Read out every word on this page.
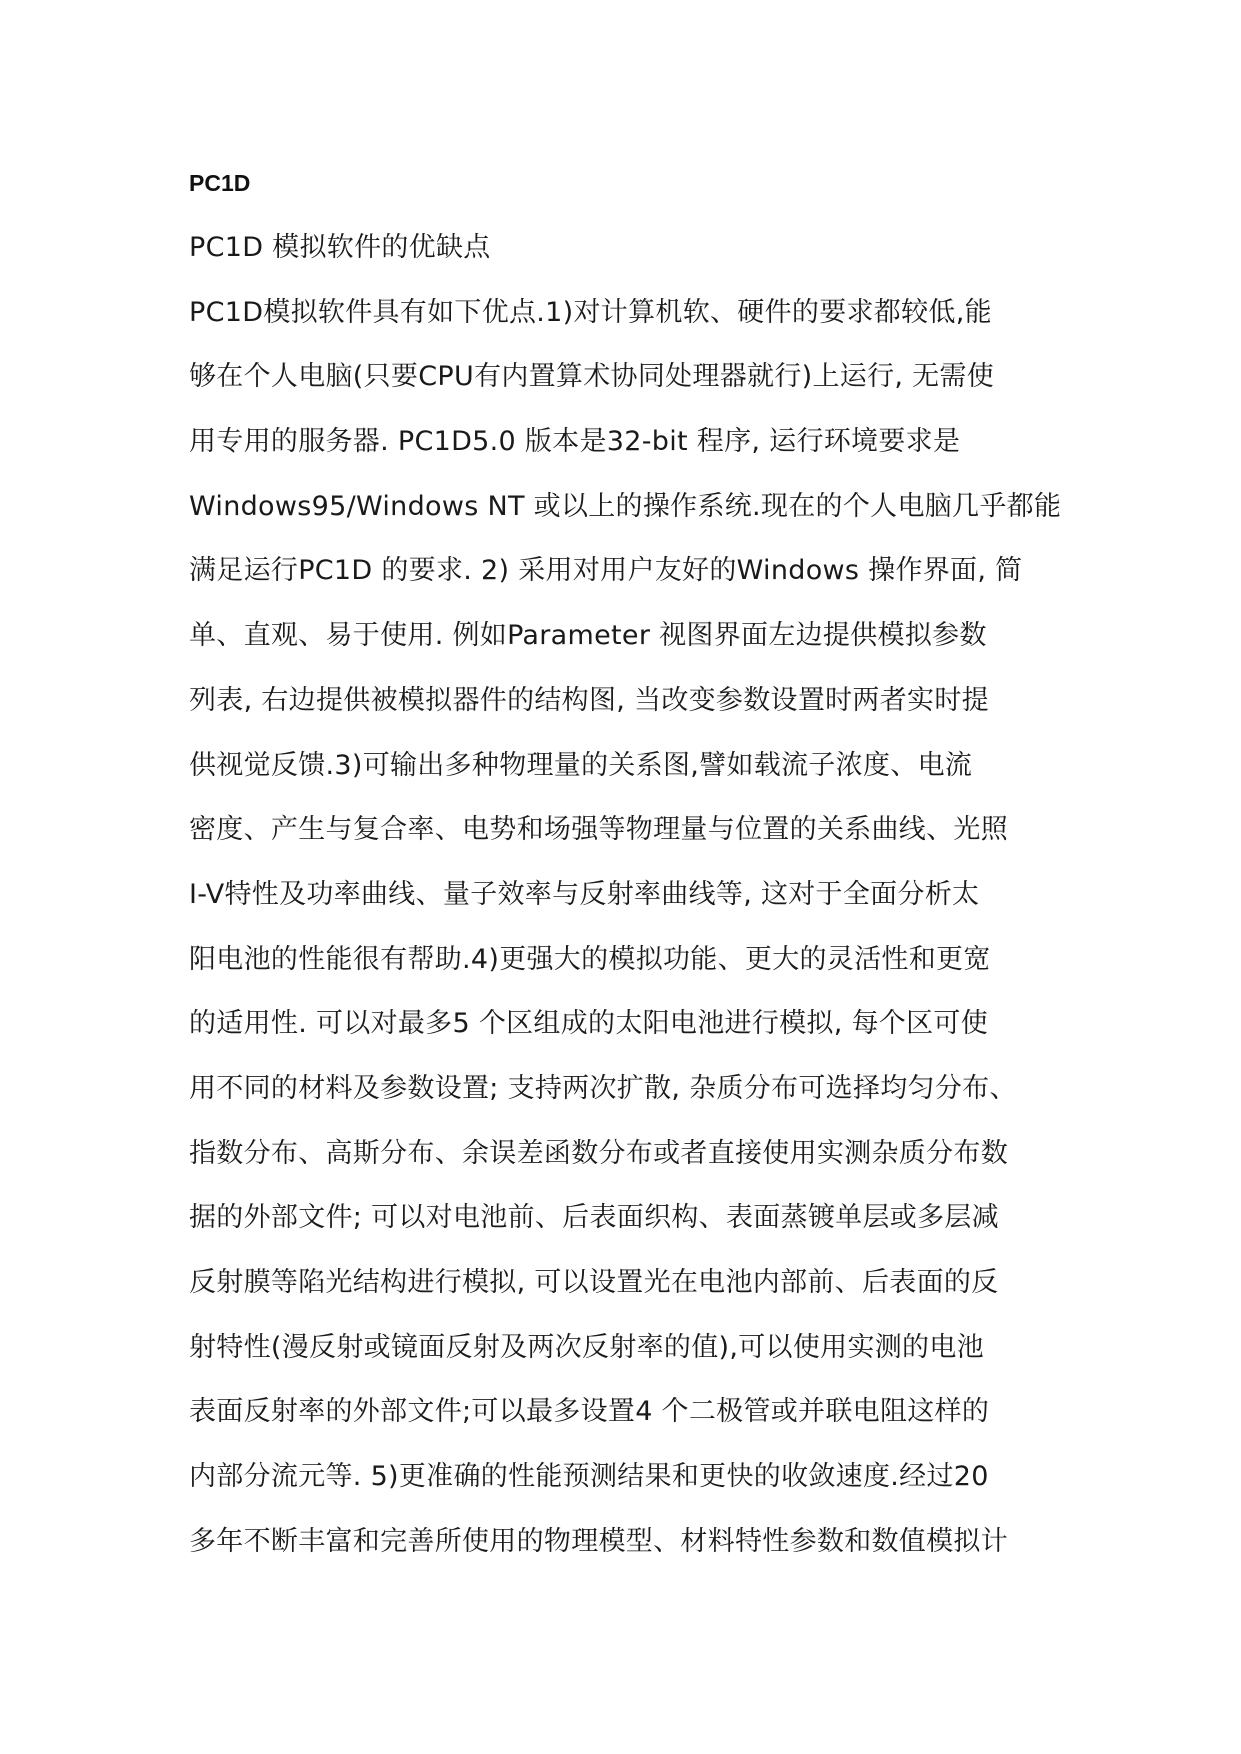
PC1D
PC1D 模拟软件的优缺点
PC1D模拟软件具有如下优点.1)对计算机软、硬件的要求都较低,能
够在个人电脑(只要CPU有内置算术协同处理器就行)上运行, 无需使
用专用的服务器. PC1D5.0 版本是32-bit 程序, 运行环境要求是
Windows95/Windows NT 或以上的操作系统.现在的个人电脑几乎都能
满足运行PC1D 的要求. 2) 采用对用户友好的Windows 操作界面, 简
单、直观、易于使用. 例如Parameter 视图界面左边提供模拟参数
列表, 右边提供被模拟器件的结构图, 当改变参数设置时两者实时提
供视觉反馈.3)可输出多种物理量的关系图,譬如载流子浓度、电流
密度、产生与复合率、电势和场强等物理量与位置的关系曲线、光照
I-V特性及功率曲线、量子效率与反射率曲线等, 这对于全面分析太
阳电池的性能很有帮助.4)更强大的模拟功能、更大的灵活性和更宽
的适用性. 可以对最多5 个区组成的太阳电池进行模拟, 每个区可使
用不同的材料及参数设置; 支持两次扩散, 杂质分布可选择均匀分布、
指数分布、高斯分布、余误差函数分布或者直接使用实测杂质分布数
据的外部文件; 可以对电池前、后表面织构、表面蒸镀单层或多层减
反射膜等陷光结构进行模拟, 可以设置光在电池内部前、后表面的反
射特性(漫反射或镜面反射及两次反射率的值),可以使用实测的电池
表面反射率的外部文件;可以最多设置4 个二极管或并联电阻这样的
内部分流元等. 5)更准确的性能预测结果和更快的收敛速度.经过20
多年不断丰富和完善所使用的物理模型、材料特性参数和数值模拟计
